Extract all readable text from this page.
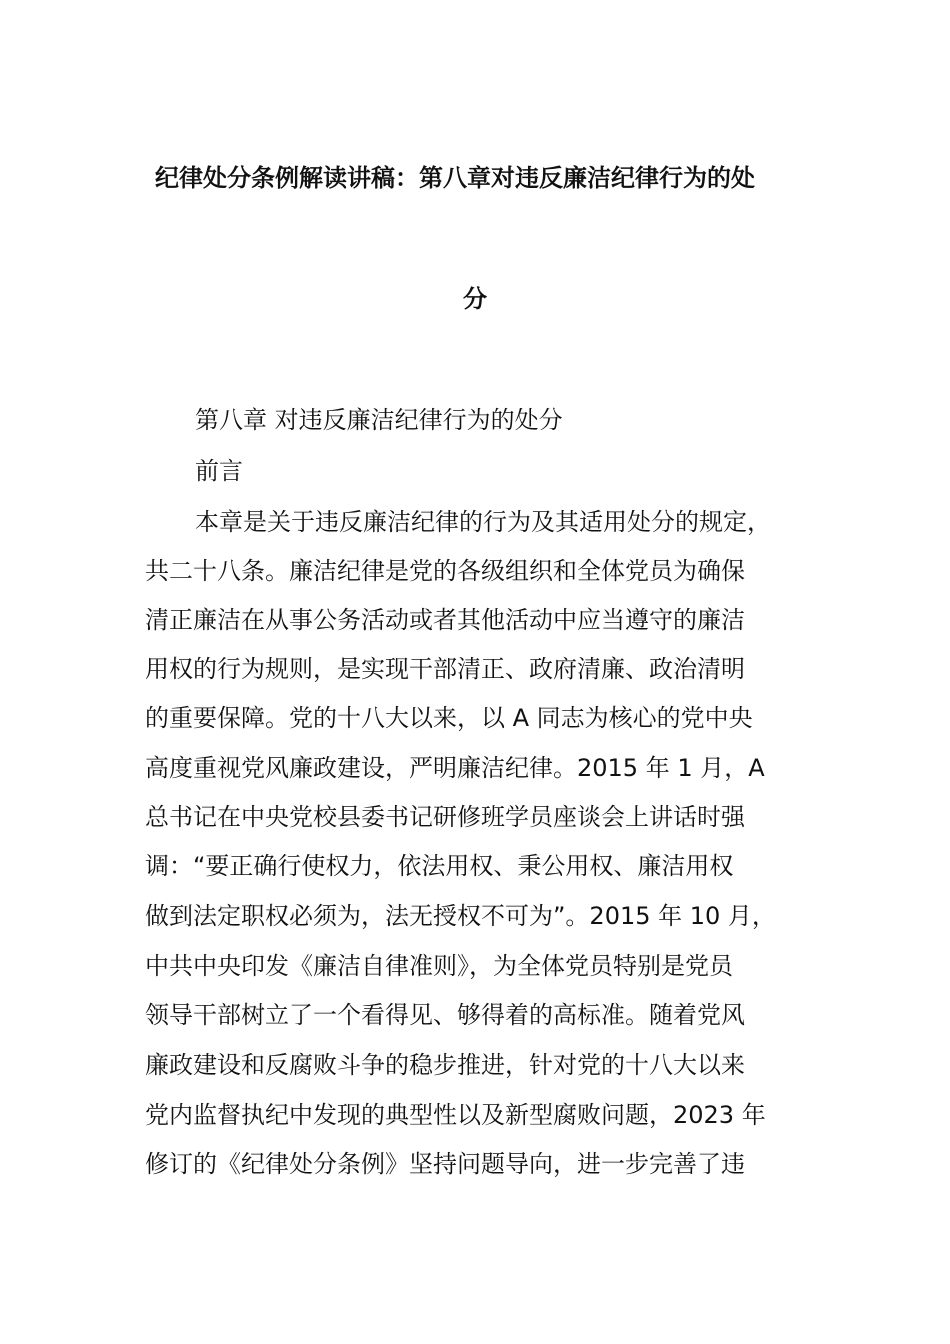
纪律处分条例解读讲稿：第八章对违反廉洁纪律行为的处
分
第八章 对违反廉洁纪律行为的处分
前言
本章是关于违反廉洁纪律的行为及其适用处分的规定，
共二十八条。廉洁纪律是党的各级组织和全体党员为确保
清正廉洁在从事公务活动或者其他活动中应当遵守的廉洁
用权的行为规则，是实现干部清正、政府清廉、政治清明
的重要保障。党的十八大以来，以 A 同志为核心的党中央
高度重视党风廉政建设，严明廉洁纪律。2015 年 1 月，A
总书记在中央党校县委书记研修班学员座谈会上讲话时强
调：“要正确行使权力，依法用权、秉公用权、廉洁用权
做到法定职权必须为，法无授权不可为”。2015 年 10 月，
中共中央印发《廉洁自律准则》，为全体党员特别是党员
领导干部树立了一个看得见、够得着的高标准。随着党风
廉政建设和反腐败斗争的稳步推进，针对党的十八大以来
党内监督执纪中发现的典型性以及新型腐败问题，2023 年
修订的《纪律处分条例》坚持问题导向，进一步完善了违
